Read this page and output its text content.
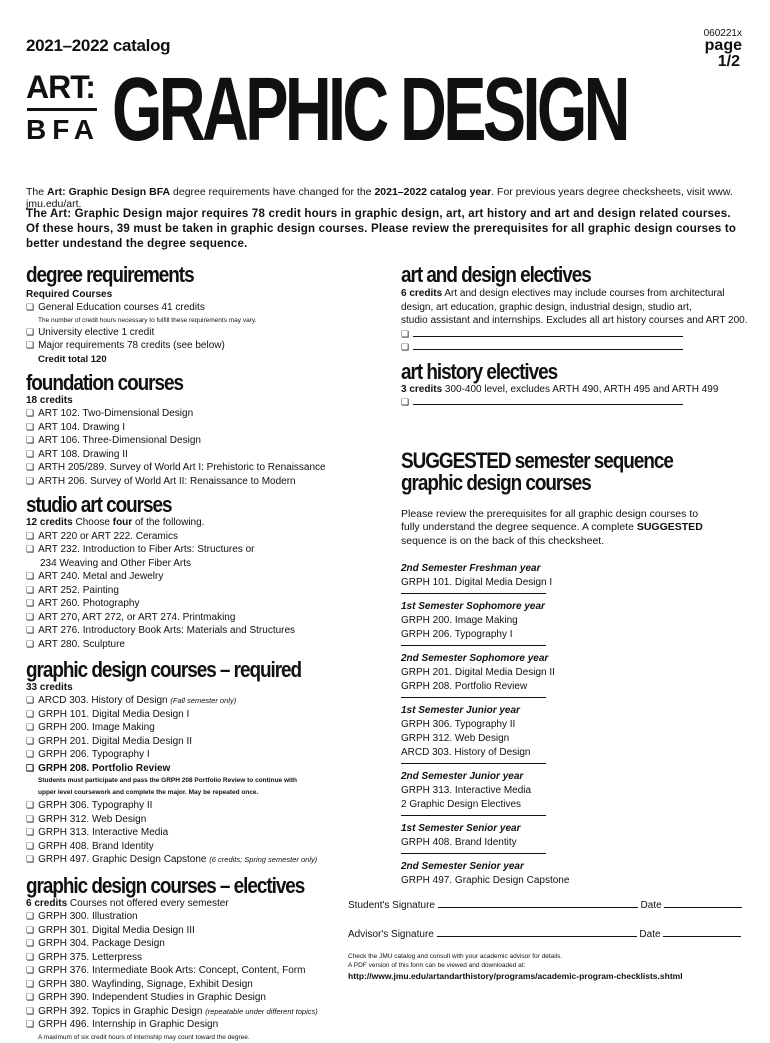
2021–2022 catalog
060221x
page
1/2
ART:
BFA GRAPHIC DESIGN
The Art: Graphic Design BFA degree requirements have changed for the 2021–2022 catalog year. For previous years degree checksheets, visit www. jmu.edu/art.
The Art: Graphic Design major requires 78 credit hours in graphic design, art, art history and art and design related courses. Of these hours, 39 must be taken in graphic design courses. Please review the prerequisites for all graphic design courses to better undestand the degree sequence.
degree requirements
Required Courses
❏ General Education courses 41 credits
The number of credit hours necessary to fulfill these requirements may vary.
❏ University elective 1 credit
❏ Major requirements 78 credits (see below)
Credit total 120
foundation courses
18 credits
❏ ART 102. Two-Dimensional Design
❏ ART 104. Drawing I
❏ ART 106. Three-Dimensional Design
❏ ART 108. Drawing II
❏ ARTH 205/289. Survey of World Art I: Prehistoric to Renaissance
❏ ARTH 206. Survey of World Art II: Renaissance to Modern
studio art courses
12 credits Choose four of the following.
❏ ART 220 or ART 222. Ceramics
❏ ART 232. Introduction to Fiber Arts: Structures or
234 Weaving and Other Fiber Arts
❏ ART 240. Metal and Jewelry
❏ ART 252. Painting
❏ ART 260. Photography
❏ ART 270, ART 272, or ART 274. Printmaking
❏ ART 276. Introductory Book Arts: Materials and Structures
❏ ART 280. Sculpture
graphic design courses – required
33 credits
❏ ARCD 303. History of Design (Fall semester only)
❏ GRPH 101. Digital Media Design I
❏ GRPH 200. Image Making
❏ GRPH 201. Digital Media Design II
❏ GRPH 206. Typography I
❏ GRPH 208. Portfolio Review
Students must participate and pass the GRPH 208 Portfolio Review to continue with
upper level coursework and complete the major. May be repeated once.
❏ GRPH 306. Typography II
❏ GRPH 312. Web Design
❏ GRPH 313. Interactive Media
❏ GRPH 408. Brand Identity
❏ GRPH 497. Graphic Design Capstone (6 credits; Spring semester only)
graphic design courses – electives
6 credits Courses not offered every semester
❏ GRPH 300. Illustration
❏ GRPH 301. Digital Media Design III
❏ GRPH 304. Package Design
❏ GRPH 375. Letterpress
❏ GRPH 376. Intermediate Book Arts: Concept, Content, Form
❏ GRPH 380. Wayfinding, Signage, Exhibit Design
❏ GRPH 390. Independent Studies in Graphic Design
❏ GRPH 392. Topics in Graphic Design (repeatable under different topics)
❏ GRPH 496. Internship in Graphic Design
A maximum of six credit hours of internship may count toward the degree.
art and design electives
6 credits Art and design electives may include courses from architectural
design, art education, graphic design, industrial design, studio art,
studio assistant and internships. Excludes all art history courses and ART 200.
❏
❏
art history electives
3 credits 300-400 level, excludes ARTH 490, ARTH 495 and ARTH 499
❏
SUGGESTED semester sequence
graphic design courses
Please review the prerequisites for all graphic design courses to
fully understand the degree sequence. A complete SUGGESTED
sequence is on the back of this checksheet.
2nd Semester Freshman year
GRPH 101. Digital Media Design I
1st Semester Sophomore year
GRPH 200. Image Making
GRPH 206. Typography I
2nd Semester Sophomore year
GRPH 201. Digital Media Design II
GRPH 208. Portfolio Review
1st Semester Junior year
GRPH 306. Typography II
GRPH 312. Web Design
ARCD 303. History of Design
2nd Semester Junior year
GRPH 313. Interactive Media
2 Graphic Design Electives
1st Semester Senior year
GRPH 408. Brand Identity
2nd Semester Senior year
GRPH 497. Graphic Design Capstone
Student's Signature	Date
Advisor's Signature	Date
Check the JMU catalog and consult with your academic advisor for details.
A PDF version of this form can be viewed and downloaded at:
http://www.jmu.edu/artandarthistory/programs/academic-program-checklists.shtml
